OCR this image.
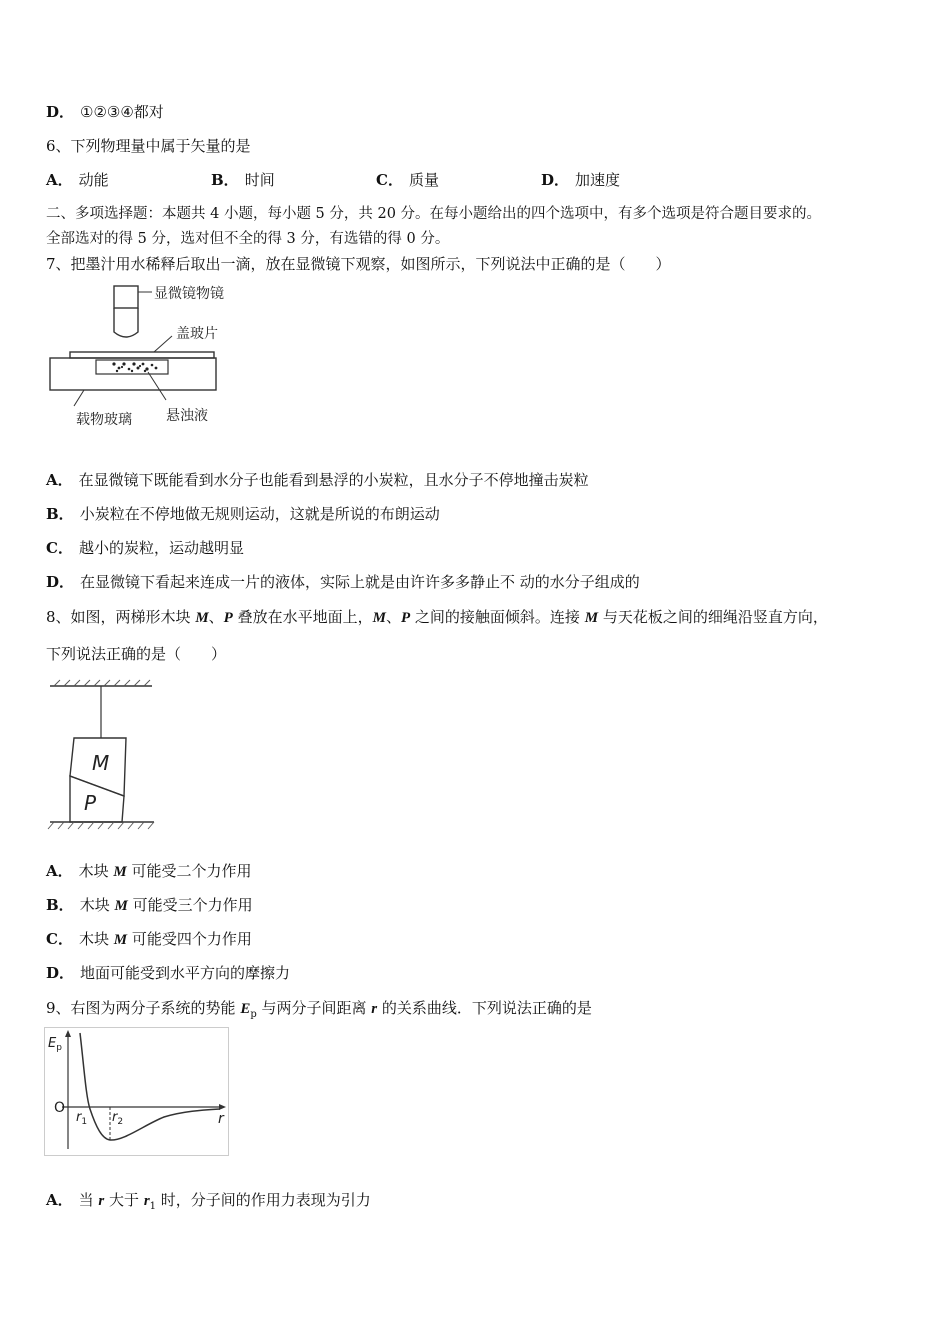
D． ①②③④都对
6、下列物理量中属于矢量的是
A． 动能	B． 时间	C． 质量	D． 加速度
二、多项选择题：本题共 4 小题，每小题 5 分，共 20 分。在每小题给出的四个选项中，有多个选项是符合题目要求的。
全部选对的得 5 分，选对但不全的得 3 分，有选错的得 0 分。
7、把墨汁用水稀释后取出一滴，放在显微镜下观察，如图所示，下列说法中正确的是（　　）
显微镜物镜
盖玻片
载物玻璃 悬浊液
A． 在显微镜下既能看到水分子也能看到悬浮的小炭粒，且水分子不停地撞击炭粒
B． 小炭粒在不停地做无规则运动，这就是所说的布朗运动
C． 越小的炭粒，运动越明显
D． 在显微镜下看起来连成一片的液体，实际上就是由许许多多静止不 动的水分子组成的
8、如图，两梯形木块 M、P 叠放在水平地面上，M、P 之间的接触面倾斜。连接 M 与天花板之间的细绳沿竖直方向，
下列说法正确的是（　　）
M
P
A． 木块 M 可能受二个力作用
B． 木块 M 可能受三个力作用
C． 木块 M 可能受四个力作用
D． 地面可能受到水平方向的摩擦力
9、右图为两分子系统的势能 $E_p$ 与两分子间距离 r 的关系曲线．下列说法正确的是
$E_p$
O
r
$r_1$ $r_2$
A． 当 r 大于 $r_1$ 时，分子间的作用力表现为引力
